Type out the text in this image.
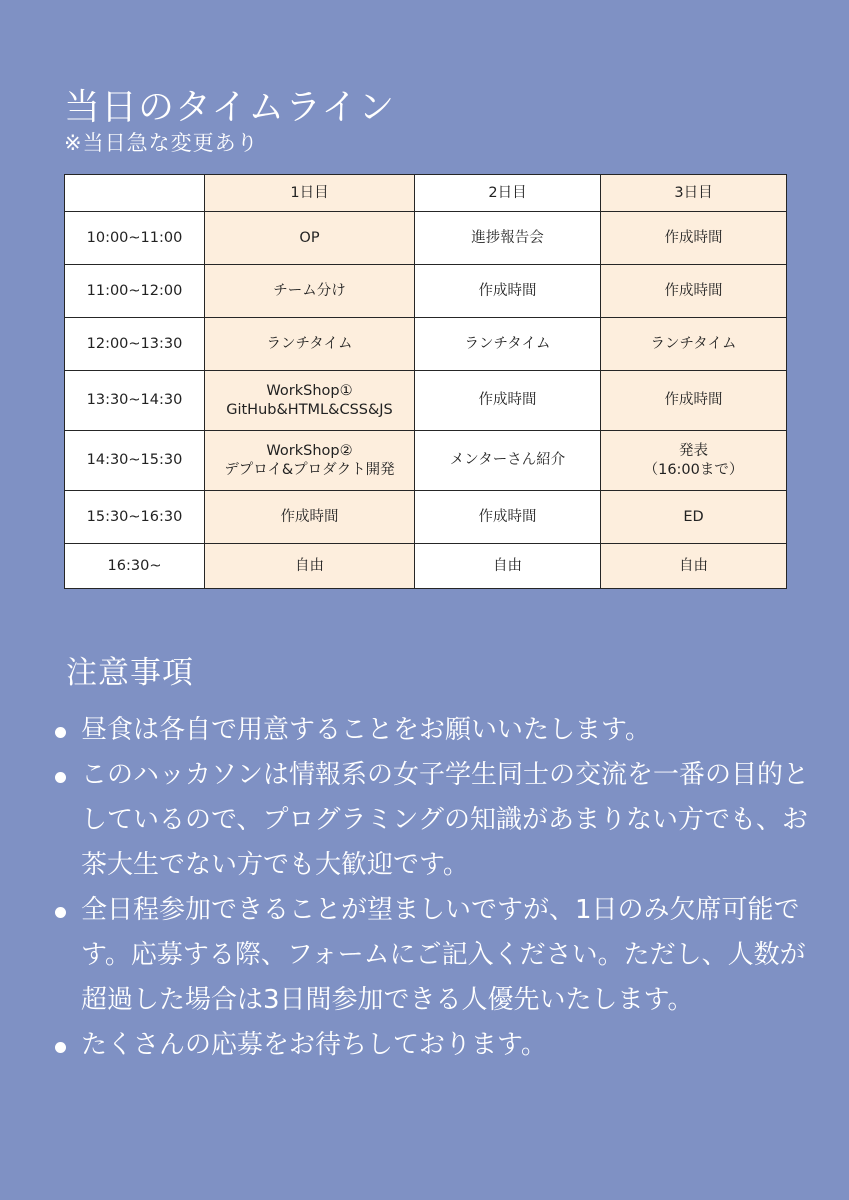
当日のタイムライン
※当日急な変更あり
	1日目	2日目	3日目
10:00~11:00	OP	進捗報告会	作成時間
11:00~12:00	チーム分け	作成時間	作成時間
12:00~13:30	ランチタイム	ランチタイム	ランチタイム
13:30~14:30	WorkShop①
GitHub&HTML&CSS&JS	作成時間	作成時間
14:30~15:30	WorkShop②
デプロイ&プロダクト開発	メンターさん紹介	発表
（16:00まで）

15:30~16:30	作成時間	作成時間	ED
16:30~	自由	自由	自由
注意事項
昼食は各自で用意することをお願いいたします。
このハッカソンは情報系の女子学生同士の交流を一番の目的としているので、プログラミングの知識があまりない方でも、お茶大生でない方でも大歓迎です。
全日程参加できることが望ましいですが、1日のみ欠席可能です。応募する際、フォームにご記入ください。ただし、人数が超過した場合は3日間参加できる人優先いたします。
たくさんの応募をお待ちしております。
